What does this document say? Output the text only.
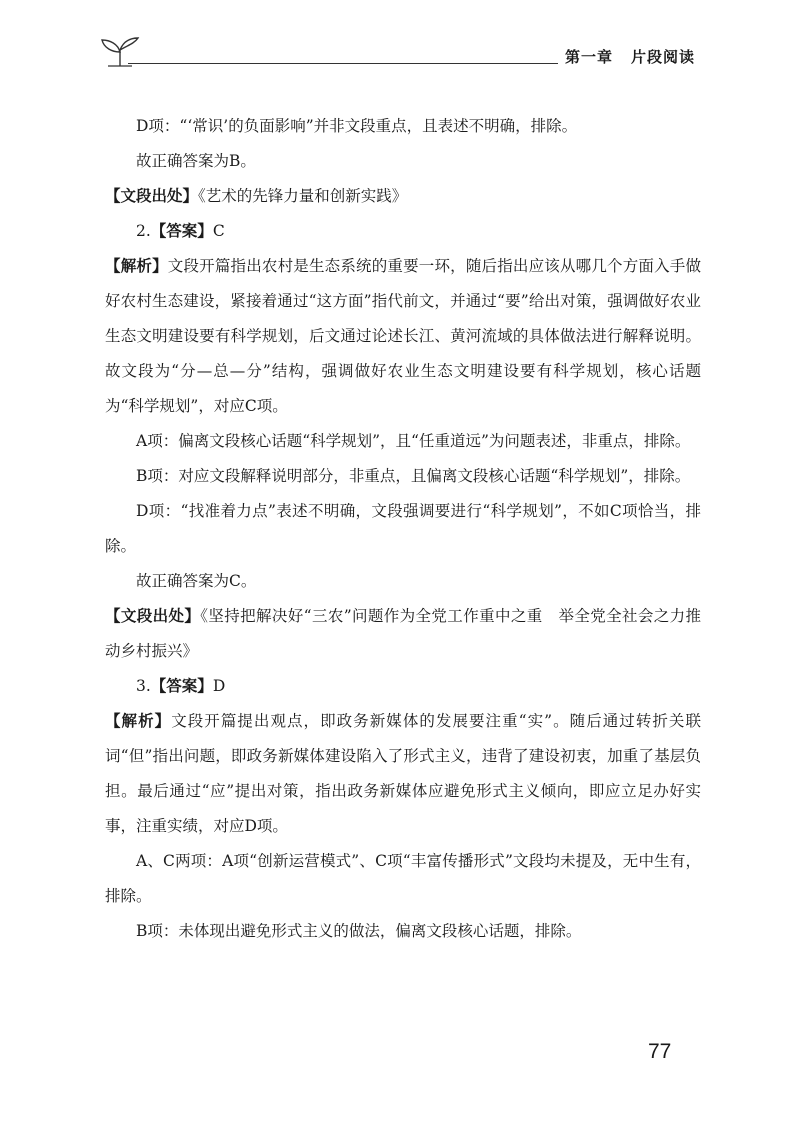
第一章 片段阅读

D项：“‘常识’的负面影响”并非文段重点，且表述不明确，排除。

故正确答案为B。

【文段出处】《艺术的先锋力量和创新实践》

2.【答案】C

【解析】文段开篇指出农村是生态系统的重要一环，随后指出应该从哪几个方面入手做好农村生态建设，紧接着通过“这方面”指代前文，并通过“要”给出对策，强调做好农业生态文明建设要有科学规划，后文通过论述长江、黄河流域的具体做法进行解释说明。故文段为“分—总—分”结构，强调做好农业生态文明建设要有科学规划，核心话题为“科学规划”，对应C项。

A项：偏离文段核心话题“科学规划”，且“任重道远”为问题表述，非重点，排除。

B项：对应文段解释说明部分，非重点，且偏离文段核心话题“科学规划”，排除。

D项：“找准着力点”表述不明确，文段强调要进行“科学规划”，不如C项恰当，排除。

故正确答案为C。

【文段出处】《坚持把解决好“三农”问题作为全党工作重中之重　举全党全社会之力推动乡村振兴》

3.【答案】D

【解析】文段开篇提出观点，即政务新媒体的发展要注重“实”。随后通过转折关联词“但”指出问题，即政务新媒体建设陷入了形式主义，违背了建设初衷，加重了基层负担。最后通过“应”提出对策，指出政务新媒体应避免形式主义倾向，即应立足办好实事，注重实绩，对应D项。

A、C两项：A项“创新运营模式”、C项“丰富传播形式”文段均未提及，无中生有，排除。

B项：未体现出避免形式主义的做法，偏离文段核心话题，排除。

77
